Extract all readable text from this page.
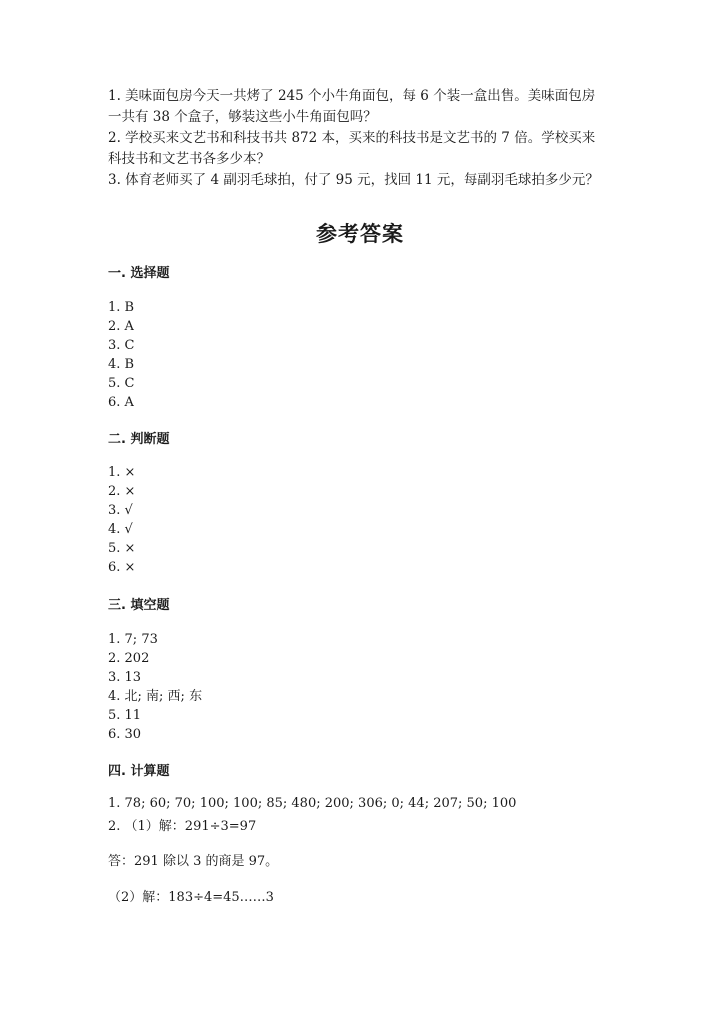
1. 美味面包房今天一共烤了 245 个小牛角面包，每 6 个装一盒出售。美味面包房一共有 38 个盒子，够装这些小牛角面包吗？

2. 学校买来文艺书和科技书共 872 本，买来的科技书是文艺书的 7 倍。学校买来科技书和文艺书各多少本？

3. 体育老师买了 4 副羽毛球拍，付了 95 元，找回 11 元，每副羽毛球拍多少元？

参考答案
一. 选择题
1. B
2. A
3. C
4. B
5. C
6. A
二. 判断题
1. ×
2. ×
3. √
4. √
5. ×
6. ×
三. 填空题
1. 7; 73
2. 202
3. 13
4. 北; 南; 西; 东
5. 11
6. 30
四. 计算题
1. 78; 60; 70; 100; 100; 85; 480; 200; 306; 0; 44; 207; 50; 100
2. （1）解：291÷3=97
答：291 除以 3 的商是 97。
（2）解：183÷4=45……3
